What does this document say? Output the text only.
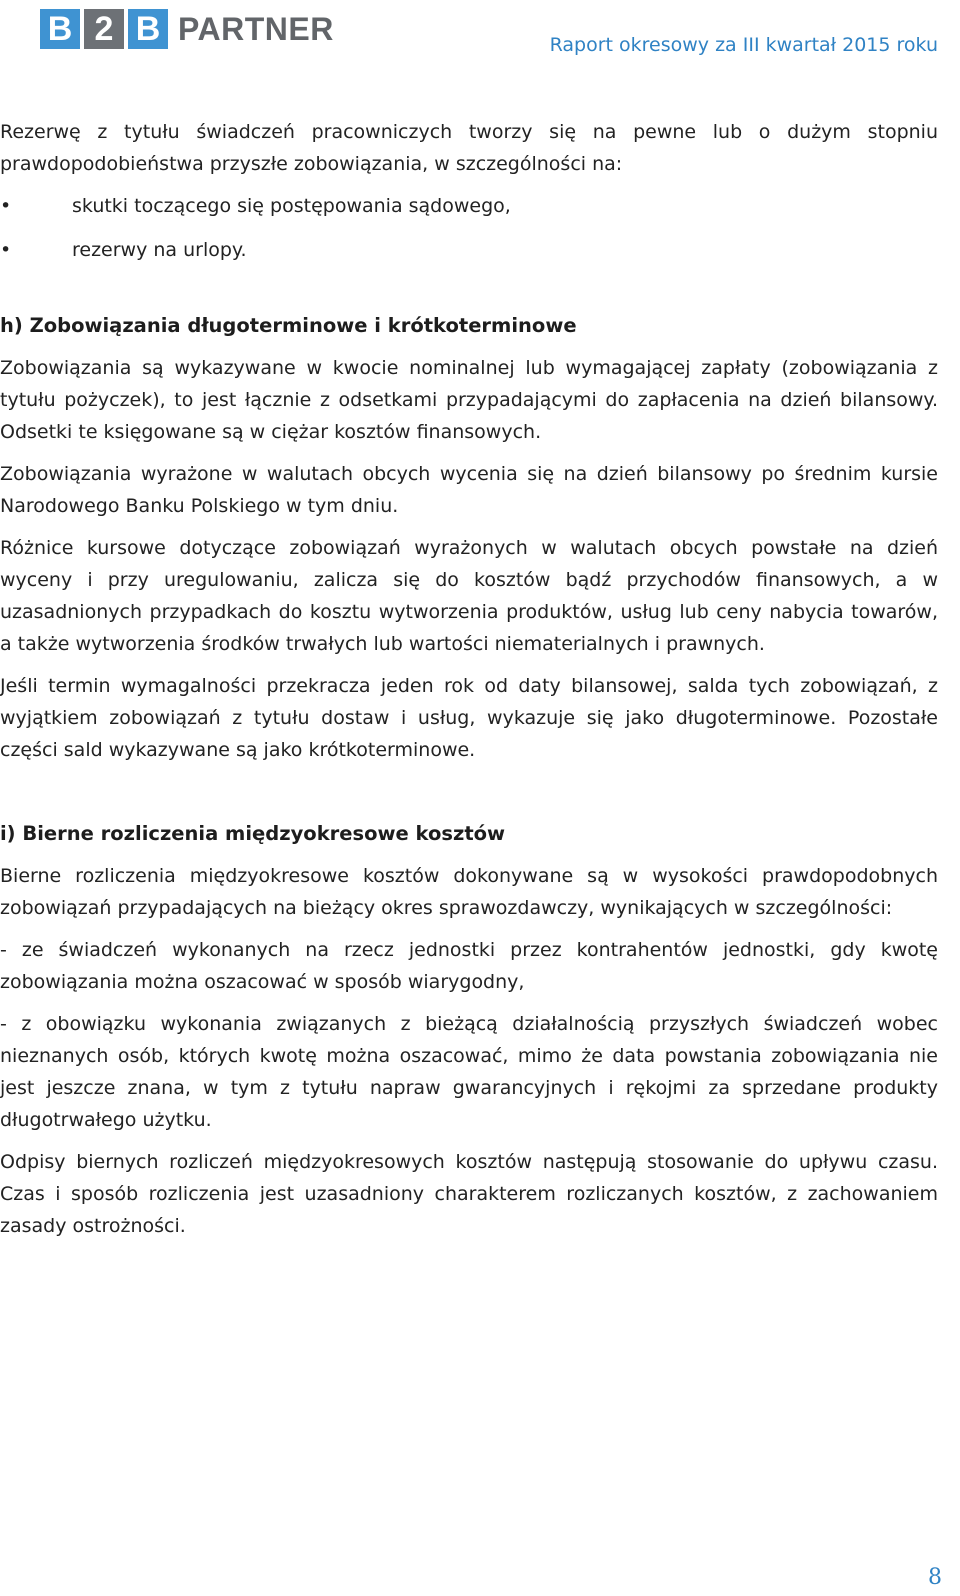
B 2 B PARTNER	Raport okresowy za III kwartał 2015 roku

Rezerwę z tytułu świadczeń pracowniczych tworzy się na pewne lub o dużym stopniu prawdopodobieństwa przyszłe zobowiązania, w szczególności na:

•	skutki toczącego się postępowania sądowego,
•	rezerwy na urlopy.
h) Zobowiązania długoterminowe i krótkoterminowe

Zobowiązania są wykazywane w kwocie nominalnej lub wymagającej zapłaty (zobowiązania z tytułu pożyczek), to jest łącznie z odsetkami przypadającymi do zapłacenia na dzień bilansowy. Odsetki te księgowane są w ciężar kosztów finansowych.

Zobowiązania wyrażone w walutach obcych wycenia się na dzień bilansowy po średnim kursie Narodowego Banku Polskiego w tym dniu.

Różnice kursowe dotyczące zobowiązań wyrażonych w walutach obcych powstałe na dzień wyceny i przy uregulowaniu, zalicza się do kosztów bądź przychodów finansowych, a w uzasadnionych przypadkach do kosztu wytworzenia produktów, usług lub ceny nabycia towarów, a także wytworzenia środków trwałych lub wartości niematerialnych i prawnych.

Jeśli termin wymagalności przekracza jeden rok od daty bilansowej, salda tych zobowiązań, z wyjątkiem zobowiązań z tytułu dostaw i usług, wykazuje się jako długoterminowe. Pozostałe części sald wykazywane są jako krótkoterminowe.

i) Bierne rozliczenia międzyokresowe kosztów

Bierne rozliczenia międzyokresowe kosztów dokonywane są w wysokości prawdopodobnych zobowiązań przypadających na bieżący okres sprawozdawczy, wynikających w szczególności:

- ze świadczeń wykonanych na rzecz jednostki przez kontrahentów jednostki, gdy kwotę zobowiązania można oszacować w sposób wiarygodny,

- z obowiązku wykonania związanych z bieżącą działalnością przyszłych świadczeń wobec nieznanych osób, których kwotę można oszacować, mimo że data powstania zobowiązania nie jest jeszcze znana, w tym z tytułu napraw gwarancyjnych i rękojmi za sprzedane produkty długotrwałego użytku.

Odpisy biernych rozliczeń międzyokresowych kosztów następują stosowanie do upływu czasu. Czas i sposób rozliczenia jest uzasadniony charakterem rozliczanych kosztów, z zachowaniem zasady ostrożności.

8
